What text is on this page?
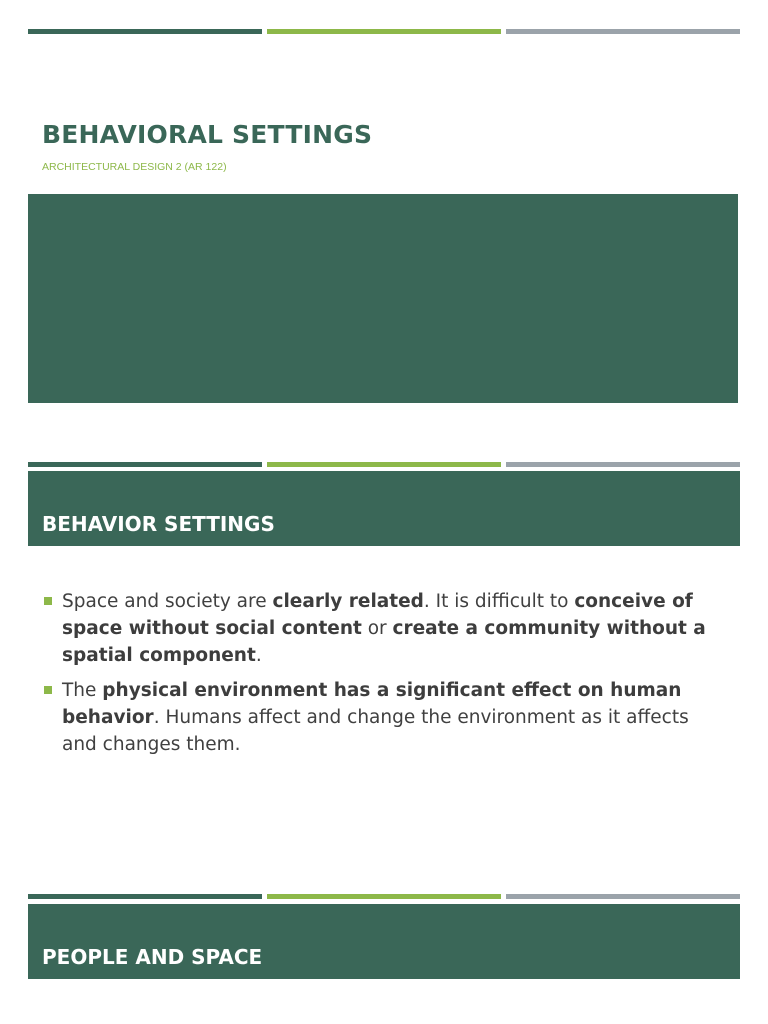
BEHAVIORAL SETTINGS

ARCHITECTURAL DESIGN 2 (AR 122)

BEHAVIOR SETTINGS
Space and society are clearly related. It is difficult to conceive of space without social content or create a community without a spatial component.
The physical environment has a significant effect on human behavior. Humans affect and change the environment as it affects and changes them.
PEOPLE AND SPACE
